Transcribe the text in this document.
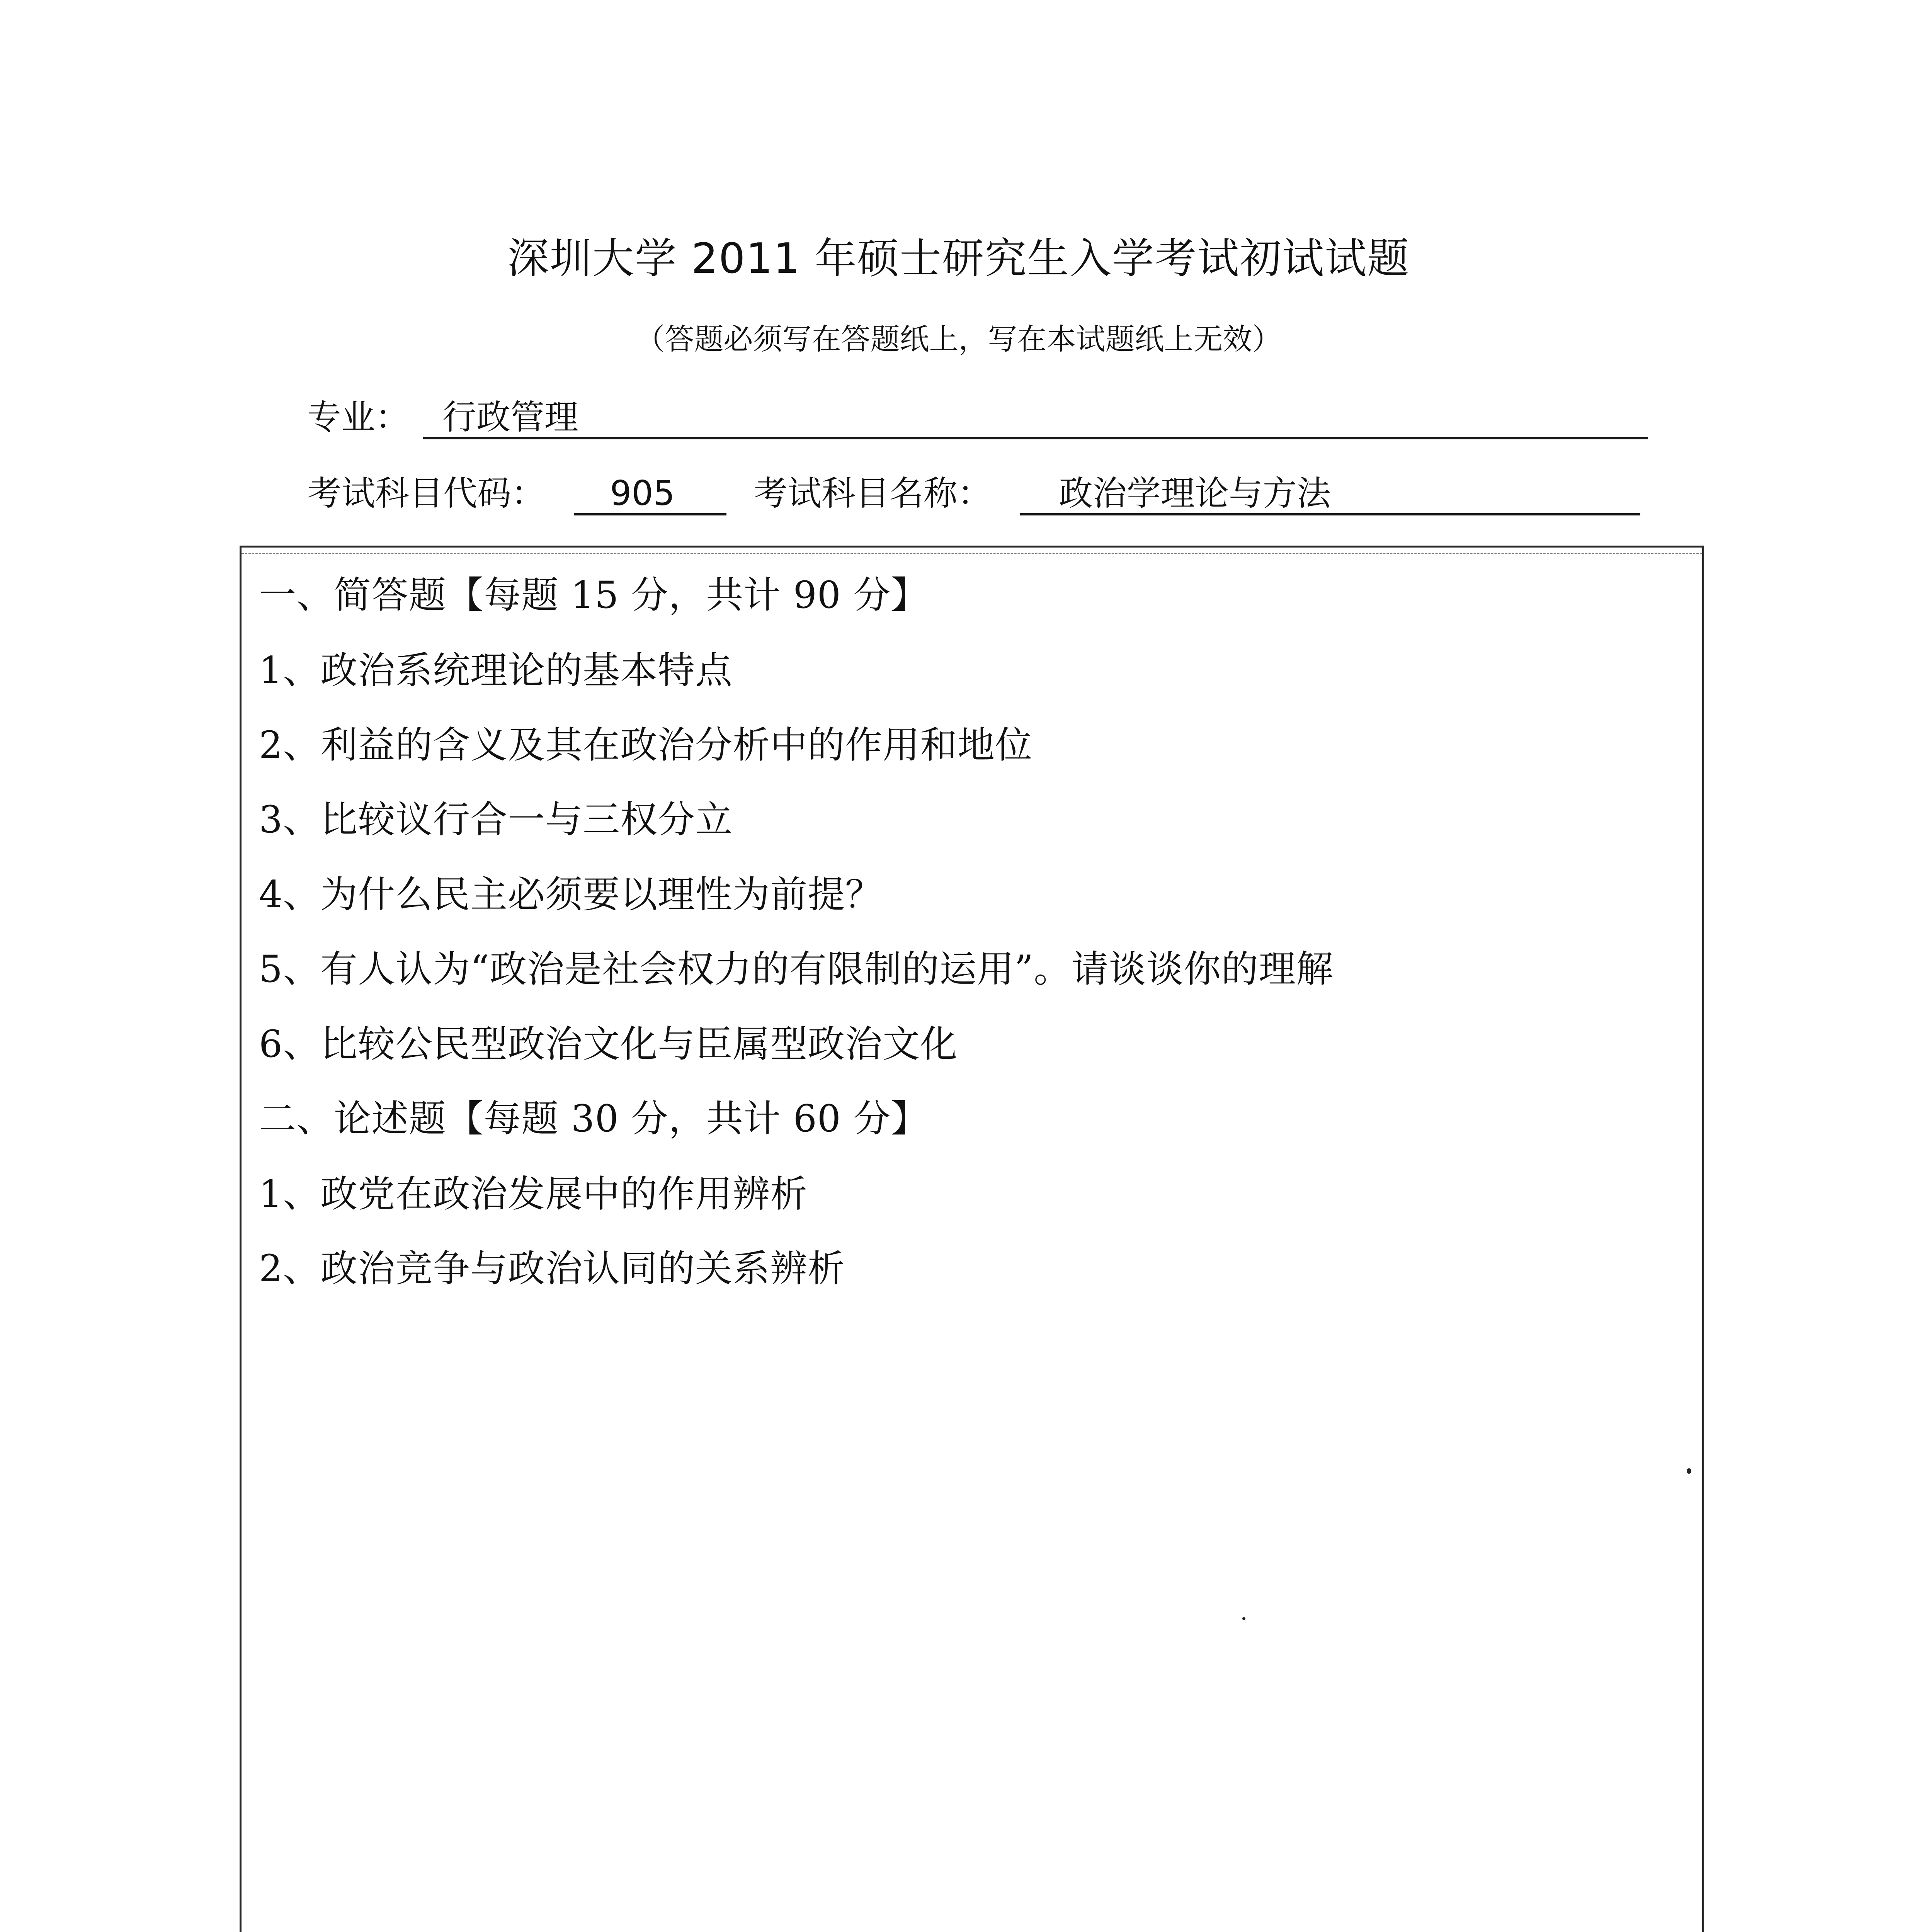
深圳大学 2011 年硕士研究生入学考试初试试题
（答题必须写在答题纸上，写在本试题纸上无效）
专业： 行政管理
考试科目代码：	905	考试科目名称：	政治学理论与方法
一、简答题【每题 15 分，共计 90 分】
1、政治系统理论的基本特点
2、利益的含义及其在政治分析中的作用和地位
3、比较议行合一与三权分立
4、为什么民主必须要以理性为前提？
5、有人认为“政治是社会权力的有限制的运用”。请谈谈你的理解
6、比较公民型政治文化与臣属型政治文化
二、论述题【每题 30 分，共计 60 分】
1、政党在政治发展中的作用辨析
2、政治竞争与政治认同的关系辨析
